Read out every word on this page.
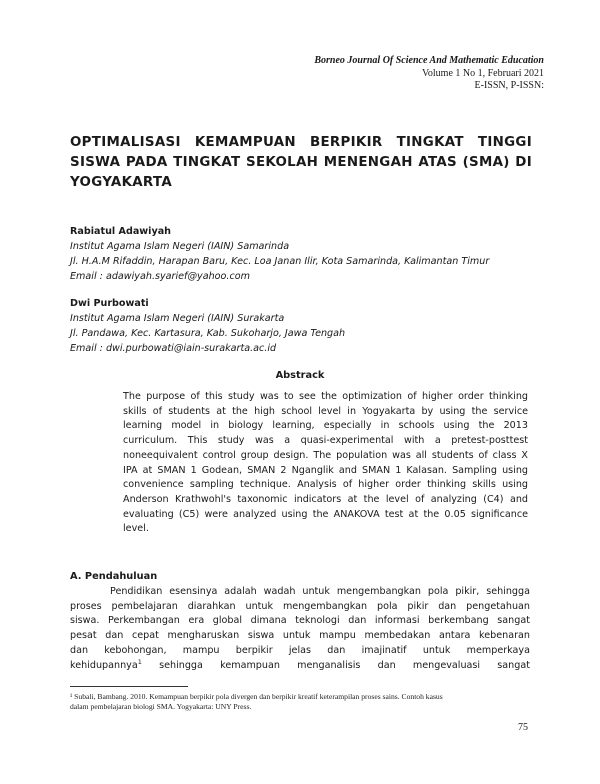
Borneo Journal Of Science And Mathematic Education
Volume 1 No 1, Februari 2021
E-ISSN, P-ISSN:
OPTIMALISASI KEMAMPUAN BERPIKIR TINGKAT TINGGI
SISWA PADA TINGKAT SEKOLAH MENENGAH ATAS (SMA) DI
YOGYAKARTA
Rabiatul Adawiyah
Institut Agama Islam Negeri (IAIN) Samarinda
Jl. H.A.M Rifaddin, Harapan Baru, Kec. Loa Janan Ilir, Kota Samarinda, Kalimantan Timur
Email : adawiyah.syarief@yahoo.com
Dwi Purbowati
Institut Agama Islam Negeri (IAIN) Surakarta
Jl. Pandawa, Kec. Kartasura, Kab. Sukoharjo, Jawa Tengah
Email : dwi.purbowati@iain-surakarta.ac.id
Abstrack
The purpose of this study was to see the optimization of higher order thinking
skills of students at the high school level in Yogyakarta by using the service
learning model in biology learning, especially in schools using the 2013
curriculum. This study was a quasi-experimental with a pretest-posttest
noneequivalent control group design. The population was all students of class X
IPA at SMAN 1 Godean, SMAN 2 Nganglik and SMAN 1 Kalasan. Sampling using
convenience sampling technique. Analysis of higher order thinking skills using
Anderson Krathwohl's taxonomic indicators at the level of analyzing (C4) and
evaluating (C5) were analyzed using the ANAKOVA test at the 0.05 significance
level.
A. Pendahuluan
Pendidikan esensinya adalah wadah untuk mengembangkan pola pikir, sehingga
proses pembelajaran diarahkan untuk mengembangkan pola pikir dan pengetahuan
siswa. Perkembangan era global dimana teknologi dan informasi berkembang sangat
pesat dan cepat mengharuskan siswa untuk mampu membedakan antara kebenaran
dan kebohongan, mampu berpikir jelas dan imajinatif untuk memperkaya
kehidupannya$^1$ sehingga kemampuan menganalisis dan mengevaluasi sangat
¹ Subali, Bambang. 2010. Kemampuan berpikir pola divergen dan berpikir kreatif keterampilan proses sains. Contoh kasus
dalam pembelajaran biologi SMA. Yogyakarta: UNY Press.
75
